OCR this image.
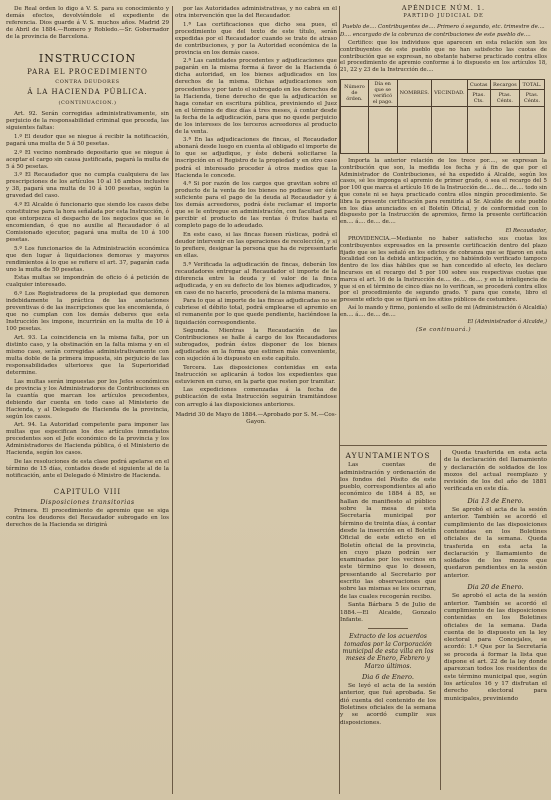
De Real órden lo digo á V. S. para su conocimiento y demás efectos, devolviéndole el expediente de referencia. Dios guarde á V. S. muchos años. Madrid 29 de Abril de 1884.—Romero y Robledo.—Sr. Gobernador de la provincia de Barcelona.

INSTRUCCION
PARA EL PROCEDIMIENTO
CONTRA DEUDORES
Á LA HACIENDA PÚBLICA.
(CONTINUACION.)

Art. 92. Serán corregidas administrativamente, sin perjuicio de la responsabilidad criminal que proceda, las siguientes faltas:

1.º El deudor que se niegue á recibir la notificación, pagará una multa de 5 á 50 pesetas.

2.º El vecino nombrado depositario que se niegue á aceptar el cargo sin causa justificada, pagará la multa de 5 á 50 pesetas.

3.º El Recaudador que no cumpla cualquiera de las prescripciones de los artículos 10 al 16 ambos inclusive y 38, pagará una multa de 10 á 100 pesetas, según la gravedad del caso.

4.º El Alcalde ó funcionario que siendo los casos debe constituirse para la hora señalada por esta Instrucción, ó que entorpezca el despacho de los negocios que se le encomiendan, ó que no auxilie al Recaudador ó al Comisionado ejecutor, pagará una multa de 10 á 100 pesetas.

5.º Los funcionarios de la Administración económica que den lugar á liquidaciones demoras y mayores rendimientos á lo que se refiere el art. 37, pagarán cada uno la multa de 50 pesetas.

Estas multas se impondrán de oficio ó á petición de cualquier interesado.

6.º Los Registradores de la propiedad que demoren indebidamente la práctica de las anotaciones preventivas ó de las inscripciones que les encomienda, ó que no cumplan con los demás deberes que esta Instrucción les impone, incurrirán en la multa de 10 á 100 pesetas.

Art. 93. La coincidencia en la misma falta, por un distinto caso, y la obstinación en la falta misma y en el mismo caso, serán corregidas administrativamente con multa doble de la primera impuesta, sin perjuicio de las responsabilidades ulteriores que la Superioridad determine.

Las multas serán impuestas por los Jefes económicos de provincia y los Administradores de Contribuciones en la cuantía que marcan los artículos precedentes, debiendo dar cuenta en todo caso al Ministerio de Hacienda, y al Delegado de Hacienda de la provincia, según los casos.

Art. 94. La Autoridad competente para imponer las multas que especifican los dos artículos inmediatos precedentes son el Jefe económico de la provincia y los Administradores de Hacienda pública, ó el Ministerio de Hacienda, según los casos.

De las resoluciones de esta clase podrá apelarse en el término de 15 días, contados desde el siguiente al de la notificación, ante el Delegado ó Ministro de Hacienda.

CAPITULO VIII
Disposiciones transitorias

Primera. El procedimiento de apremio que se siga contra los deudores del Recaudador subrogado en los derechos de la Hacienda se dirigirá

por las Autoridades administrativas, y no cabrá en él otra intervención que la del Recaudador.

1.ª Las certificaciones que dicho sea pues, el procedimiento que del texto de este título, serán expedidas por el Recaudador cuando se trate de atraso de contribuciones, y por la Autoridad económica de la provincia en los demás casos.

2.ª Las cantidades procedentes y adjudicaciones que pagarán en la misma forma á favor de la Hacienda ó dicha autoridad, en los bienes adjudicados en los derechos de la misma. Dichas adjudicaciones son procedentes y por tanto el subrogado en los derechos de la Hacienda, tiene derecho de que la adjudicación se haga constar en escritura pública, previniendo el Juez en el término de diez días á tres meses, á contar desde la fecha de la adjudicación, para que no quede perjuicio de los intereses de los terceros acreedores al producto de la venta.

3.ª En las adjudicaciones de fincas, el Recaudador abonará desde luego en cuenta al obligado el importe de lo que se adjudique, y éste deberá solicitarse la inscripción en el Registro de la propiedad y en otro caso podrá el interesado proceder á otros medios que la Hacienda le concede.

4.ª Si por razón de los cargos que gravitan sobre el producto de la venta de los bienes no pudiese ser éste suficiente para el pago de la deuda al Recaudador y á los demás acreedores, podrá éste reclamar el importe que se le entregue en administración, con facultad para percibir el producto de las rentas ó frutos hasta el completo pago de lo adeudado.

En este caso, si las fincas fuesen rústicas, podrá el deudor intervenir en las operaciones de recolección, y si lo prefiere, designar la persona que ha de representarle en ellas.

5.ª Verificada la adjudicación de fincas, deberán los recaudadores entregar al Recaudador el importe de la diferencia entre la deuda y el valor de la finca adjudicada, y en su defecto de los bienes adjudicados, y en caso de no hacerlo, procederá de la misma manera.

Para lo que al importe de las fincas adjudicadas no se cubriese el débito total, podrá emplearse el apremio en el remanente por lo que quede pendiente, haciéndose la liquidación correspondiente.

Segunda. Mientras la Recaudación de las Contribuciones se halle á cargo de los Recaudadores subrogados, podrán éstos disponer de los bienes adjudicados en la forma que estimen más conveniente, con sujeción á lo dispuesto en este capítulo.

Tercera. Las disposiciones contenidas en esta Instrucción se aplicarán á todos los expedientes que estuvieren en curso, en la parte que resten por tramitar.

Las expediciones comenzadas á la fecha de publicación de esta Instrucción seguirán tramitándose con arreglo á las disposiciones anteriores.

Madrid 30 de Mayo de 1884.—Aprobado por S. M.—Cos-Gayon.

APÉNDICE NÚM. 1.
PARTIDO JUDICIAL DE
Pueblo de.... Contribuyentes de.... Primero ó segundo, etc. trimestre de....
D.... encargado de la cobranza de contribuciones de este pueblo de....
Certifico: que los individuos que aparecen en esta relación son los contribuyentes de este pueblo que no han satisfecho las cuotas de contribución que se expresan, no obstante haberse practicado contra ellos el procedimiento de apremio conforme á lo dispuesto en los artículos 18, 21, 22 y 23 de la Instrucción de....
Número de órden.	Día en que se verificó el pago.	NOMBRES.	VECINDAD.	Cuotas	Recargos	TOTAL.
				Ptas. Cts.	Ptas. Cénts.	Ptas. Cénts.

Importa la anterior relación de los trece por...., se expresan la contribución que son, la medida los fecha y á fin de que por el Administrador de Contribuciones, sé ha expedido á Alcalde, según los casos, sé les imponga el apremio de primer grado, ó sea el recargo del 5 por 100 que marca el artículo 16 de la Instrucción de.... de.... de.... todo sin que conste ni se haya practicado contra ellos ningún procedimiento. Se libra la presente certificación para remitirla al Sr. Alcalde de este pueblo en los días anunciados en el Boletín Oficial, y de conformidad con lo dispuesto por la Instrucción de apremios, firmo la presente certificación en.... á.... de.... de....
El Recaudador,
PROVIDENCIA.—Mediante no haber satisfecho sus cuotas los contribuyentes expresados en la presente certificación dentro del plazo fijado que se les señaló en los edictos de cobranza que se fijaron en esta localidad con la debida anticipación, y no habiéndolo verificado tampoco dentro de los días hábiles que se han concedido al efecto, les declaro incursos en el recargo del 5 por 100 sobre sus respectivas cuotas que marca el art. 16 de la Instrucción de.... de.... de.... y en la inteligencia de que si en el término de cinco días no lo verifican, se procederá contra ellos por el procedimiento de segundo grado. Y para que conste, libro el presente edicto que se fijará en los sitios públicos de costumbre.
Así lo mando y firmo, poniendo el sello de mi (Administración ó Alcaldía) en.... á.... de.... de....
El (Administrador ó Alcalde,)
(Se continuará.)
AYUNTAMIENTOS

Las cuentas de administración y ordenación de los fondos del Pósito de este pueblo, correspondientes al año económico de 1884 á 85, se hallan de manifiesto al público sobre la mesa de esta Secretaría municipal por término de treinta días, á contar desde la inserción en el Boletín Oficial de este edicto en el Boletín oficial de la provincia, en cuyo plazo podrán ser examinadas por los vecinos en este término que lo deseen, presentando al Secretario por escrito las observaciones que sobre las mismas se les ocurran, de las cuales recogerán recibo.

Santa Bárbara 5 de Julio de 1884.—El Alcalde, Gonzalo Infante.

Extracto de los acuerdos tomados por la Corporación municipal de esta villa en los meses de Enero, Febrero y Marzo últimos.

Dia 6 de Enero.

Se leyó el acta de la sesión anterior, que fué aprobada. Se dió cuenta del contenido de los Boletines oficiales de la semana y se acordó cumplir sus disposiciones.

Queda trasferida en esta acta de la declaración del llamamiento y declaración de soldados de los mozos del actual reemplazo y revisión de los del año de 1881 verificada en este día.

Dia 13 de Enero.

Se aprobó el acta de la sesión anterior. También se acordó el cumplimiento de las disposiciones contenidas en los Boletines oficiales de la semana. Queda trasferida en esta acta la declaración y llamamiento de soldados de los mozos que quedaron pendientes en la sesión anterior.

Dia 20 de Enero.

Se aprobó el acta de la sesión anterior. También se acordó el cumplimiento de las disposiciones contenidas en los Boletines oficiales de la semana. Dada cuenta de lo dispuesto en la ley electoral para Concejales, se acordó: 1.º Que por la Secretaría se proceda á formar la lista que dispone el art. 22 de la ley donde aparezcan todos los residentes de este término municipal que, según los artículos 16 y 17 disfrutan el derecho electoral para municipales, previniendo
